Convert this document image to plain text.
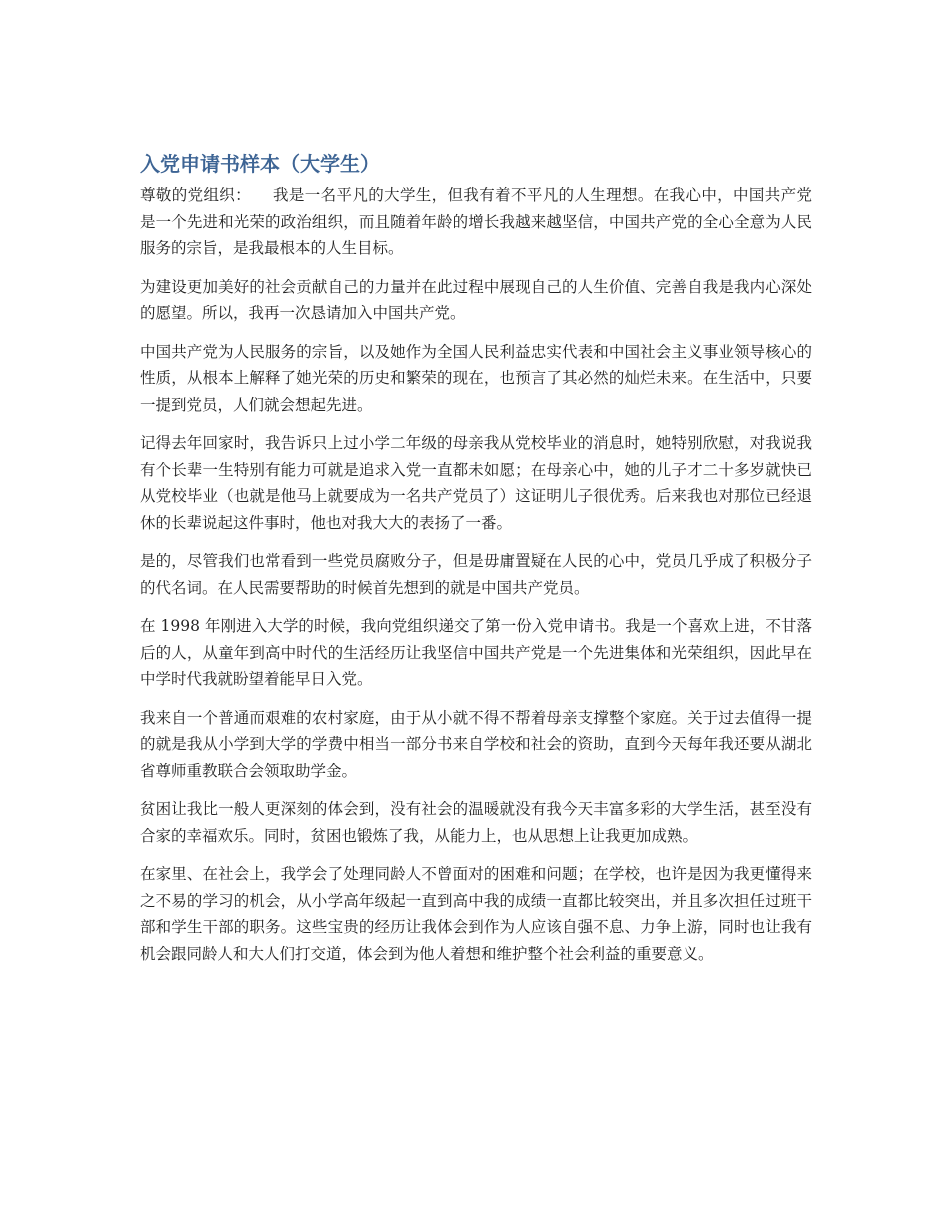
入党申请书样本（大学生）

尊敬的党组织： 我是一名平凡的大学生，但我有着不平凡的人生理想。在我心中，中国共产党是一个先进和光荣的政治组织，而且随着年龄的增长我越来越坚信，中国共产党的全心全意为人民服务的宗旨，是我最根本的人生目标。

为建设更加美好的社会贡献自己的力量并在此过程中展现自己的人生价值、完善自我是我内心深处的愿望。所以，我再一次恳请加入中国共产党。

中国共产党为人民服务的宗旨，以及她作为全国人民利益忠实代表和中国社会主义事业领导核心的性质，从根本上解释了她光荣的历史和繁荣的现在，也预言了其必然的灿烂未来。在生活中，只要一提到党员，人们就会想起先进。

记得去年回家时，我告诉只上过小学二年级的母亲我从党校毕业的消息时，她特别欣慰，对我说我有个长辈一生特别有能力可就是追求入党一直都未如愿；在母亲心中，她的儿子才二十多岁就快已从党校毕业（也就是他马上就要成为一名共产党员了）这证明儿子很优秀。后来我也对那位已经退休的长辈说起这件事时，他也对我大大的表扬了一番。

是的，尽管我们也常看到一些党员腐败分子，但是毋庸置疑在人民的心中，党员几乎成了积极分子的代名词。在人民需要帮助的时候首先想到的就是中国共产党员。

在 1998 年刚进入大学的时候，我向党组织递交了第一份入党申请书。我是一个喜欢上进，不甘落后的人，从童年到高中时代的生活经历让我坚信中国共产党是一个先进集体和光荣组织，因此早在中学时代我就盼望着能早日入党。

我来自一个普通而艰难的农村家庭，由于从小就不得不帮着母亲支撑整个家庭。关于过去值得一提的就是我从小学到大学的学费中相当一部分书来自学校和社会的资助，直到今天每年我还要从湖北省尊师重教联合会领取助学金。

贫困让我比一般人更深刻的体会到，没有社会的温暖就没有我今天丰富多彩的大学生活，甚至没有合家的幸福欢乐。同时，贫困也锻炼了我，从能力上，也从思想上让我更加成熟。

在家里、在社会上，我学会了处理同龄人不曾面对的困难和问题；在学校，也许是因为我更懂得来之不易的学习的机会，从小学高年级起一直到高中我的成绩一直都比较突出，并且多次担任过班干部和学生干部的职务。这些宝贵的经历让我体会到作为人应该自强不息、力争上游，同时也让我有机会跟同龄人和大人们打交道，体会到为他人着想和维护整个社会利益的重要意义。
